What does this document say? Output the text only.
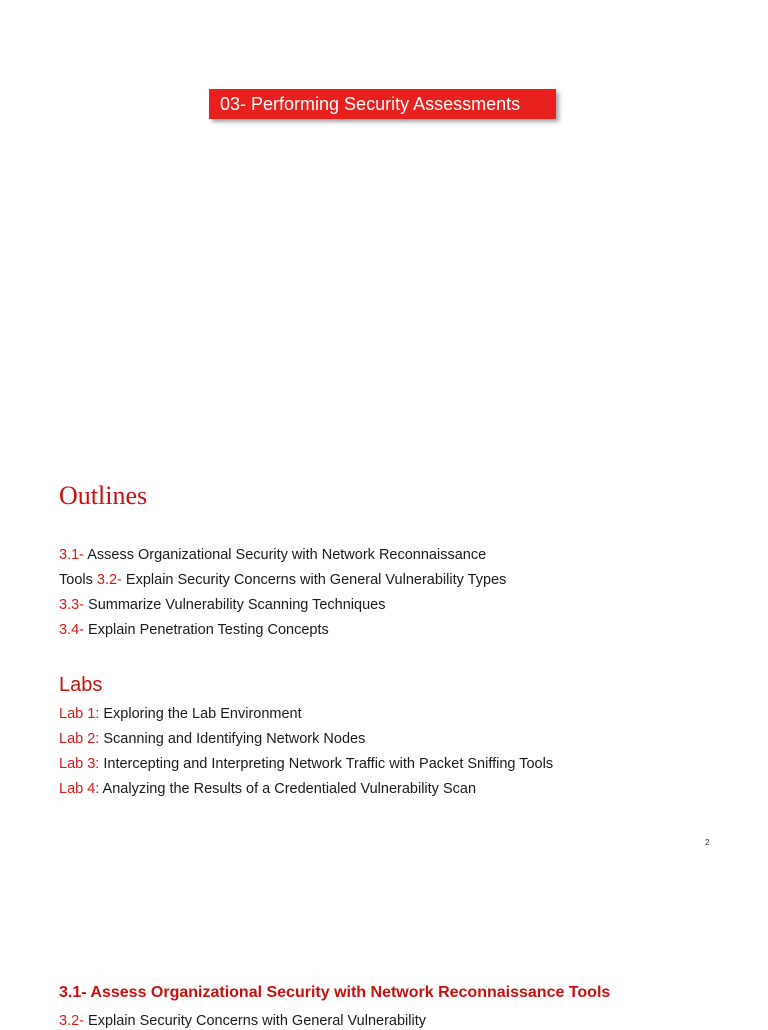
03- Performing Security Assessments
Outlines

3.1- Assess Organizational Security with Network Reconnaissance

Tools 3.2- Explain Security Concerns with General Vulnerability Types

3.3- Summarize Vulnerability Scanning Techniques

3.4- Explain Penetration Testing Concepts

Labs

Lab 1: Exploring the Lab Environment

Lab 2: Scanning and Identifying Network Nodes

Lab 3: Intercepting and Interpreting Network Traffic with Packet Sniffing Tools

Lab 4: Analyzing the Results of a Credentialed Vulnerability Scan

2
3.1- Assess Organizational Security with Network Reconnaissance Tools
3.2- Explain Security Concerns with General Vulnerability
